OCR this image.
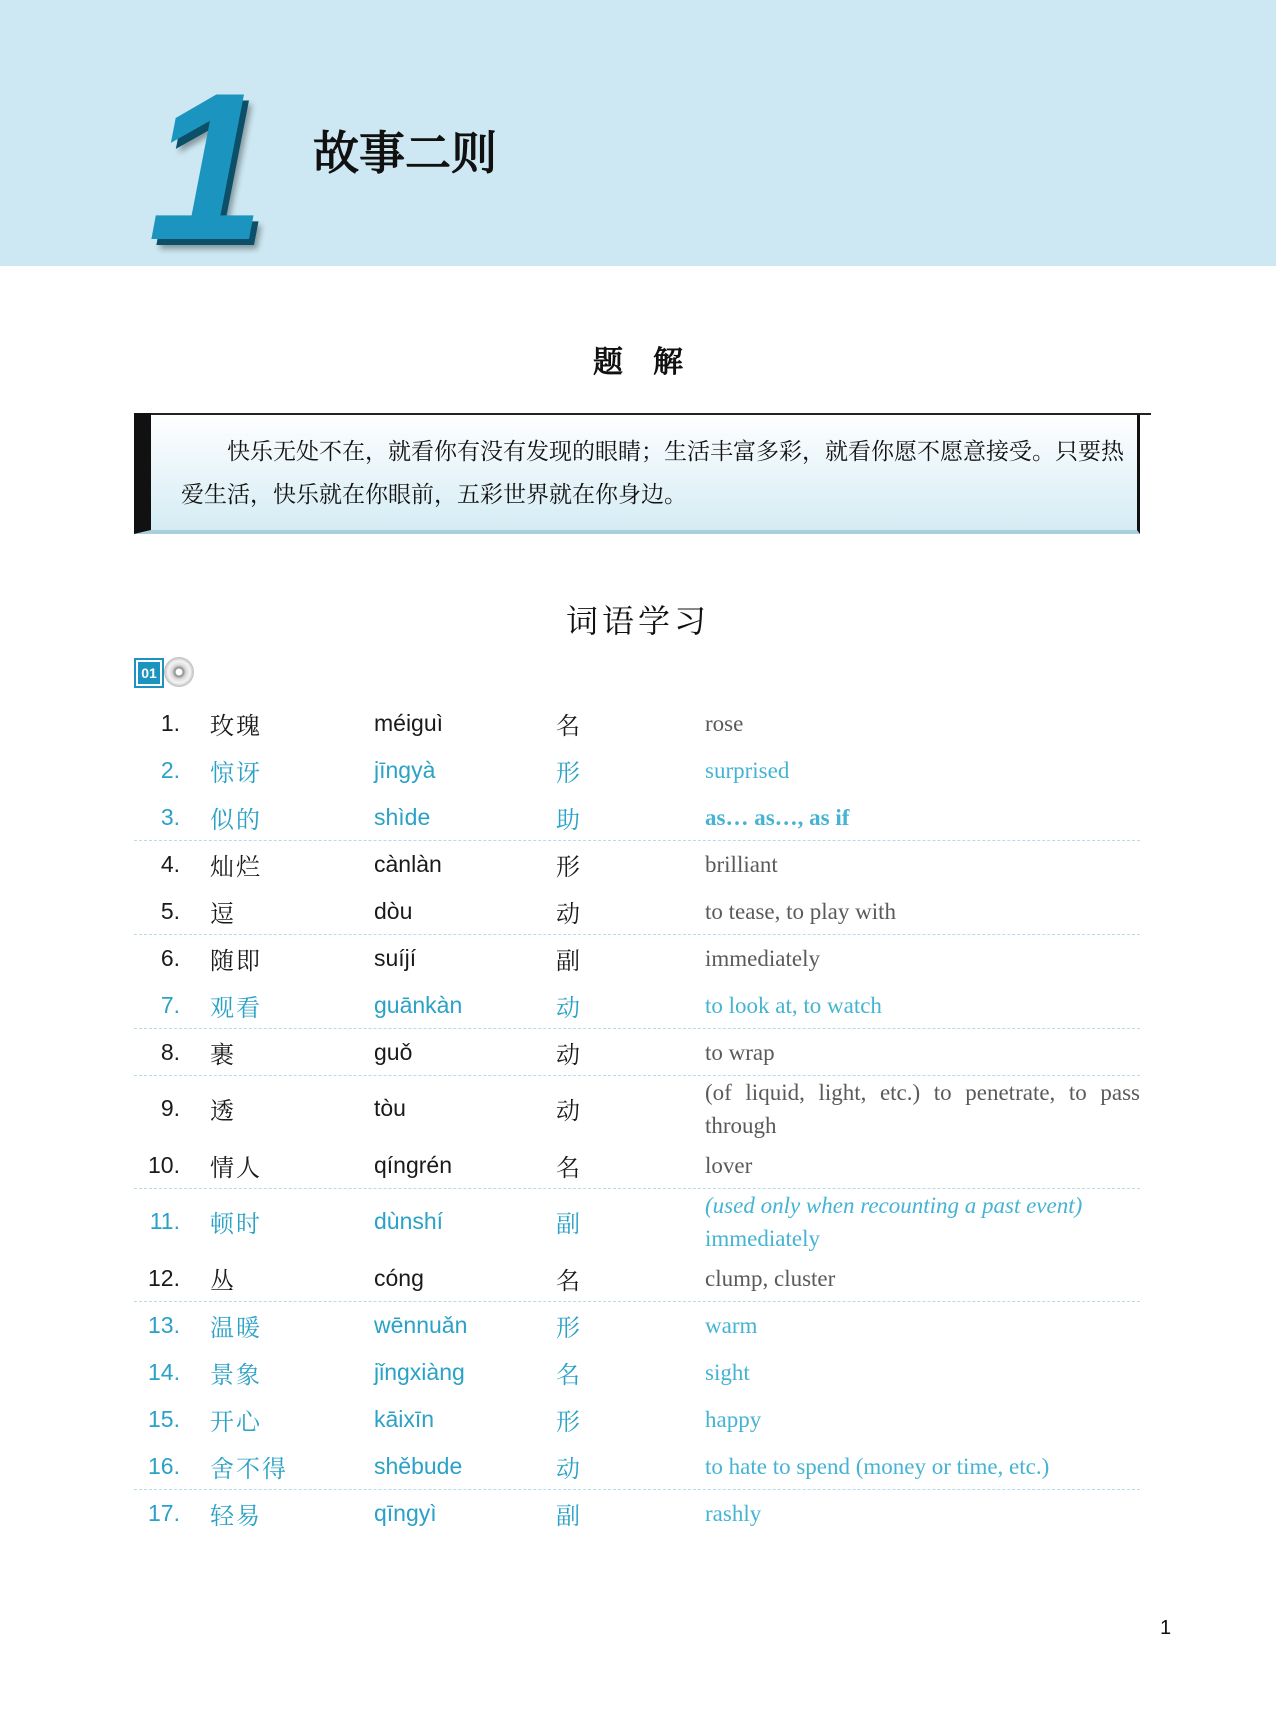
1 故事二则
题解
快乐无处不在，就看你有没有发现的眼睛；生活丰富多彩，就看你愿不愿意接受。只要热爱生活，快乐就在你眼前，五彩世界就在你身边。
词语学习
01
1. 玫瑰	méiguì	名	rose
2. 惊讶	jīngyà	形	surprised
3. 似的	shìde	助	as… as…, as if
4. 灿烂	cànlàn	形	brilliant
5. 逗	dòu	动	to tease, to play with
6. 随即	suíjí	副	immediately
7. 观看	guānkàn	动	to look at, to watch
8. 裹	guǒ	动	to wrap
9. 透	tòu	动
(of liquid, light, etc.) to penetrate, to pass through
10. 情人	qíngrén	名	lover
11. 顿时	dùnshí	副
(used only when recounting a past event)
immediately
12. 丛	cóng	名	clump, cluster
13. 温暖	wēnnuǎn	形	warm
14. 景象	jǐngxiàng	名	sight
15. 开心	kāixīn	形	happy
16. 舍不得	shěbude	动	to hate to spend (money or time, etc.)
17. 轻易	qīngyì	副	rashly
1
